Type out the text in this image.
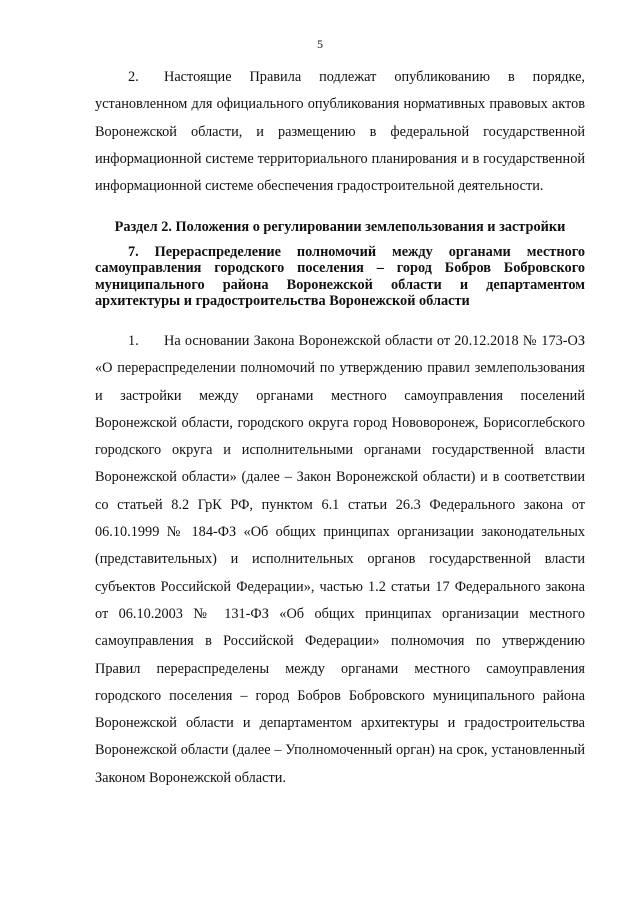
5

2. Настоящие Правила подлежат опубликованию в порядке, установленном для официального опубликования нормативных правовых актов Воронежской области, и размещению в федеральной государственной информационной системе территориального планирования и в государственной информационной системе обеспечения градостроительной деятельности.

Раздел 2. Положения о регулировании землепользования и застройки
7. Перераспределение полномочий между органами местного самоуправления городского поселения – город Бобров Бобровского муниципального района Воронежской области и департаментом архитектуры и градостроительства Воронежской области

1. На основании Закона Воронежской области от 20.12.2018 № 173-ОЗ «О перераспределении полномочий по утверждению правил землепользования и застройки между органами местного самоуправления поселений Воронежской области, городского округа город Нововоронеж, Борисоглебского городского округа и исполнительными органами государственной власти Воронежской области» (далее – Закон Воронежской области) и в соответствии со статьей 8.2 ГрК РФ, пунктом 6.1 статьи 26.3 Федерального закона от 06.10.1999 № 184-ФЗ «Об общих принципах организации законодательных (представительных) и исполнительных органов государственной власти субъектов Российской Федерации», частью 1.2 статьи 17 Федерального закона от 06.10.2003 № 131-ФЗ «Об общих принципах организации местного самоуправления в Российской Федерации» полномочия по утверждению Правил перераспределены между органами местного самоуправления городского поселения – город Бобров Бобровского муниципального района Воронежской области и департаментом архитектуры и градостроительства Воронежской области (далее – Уполномоченный орган) на срок, установленный Законом Воронежской области.
